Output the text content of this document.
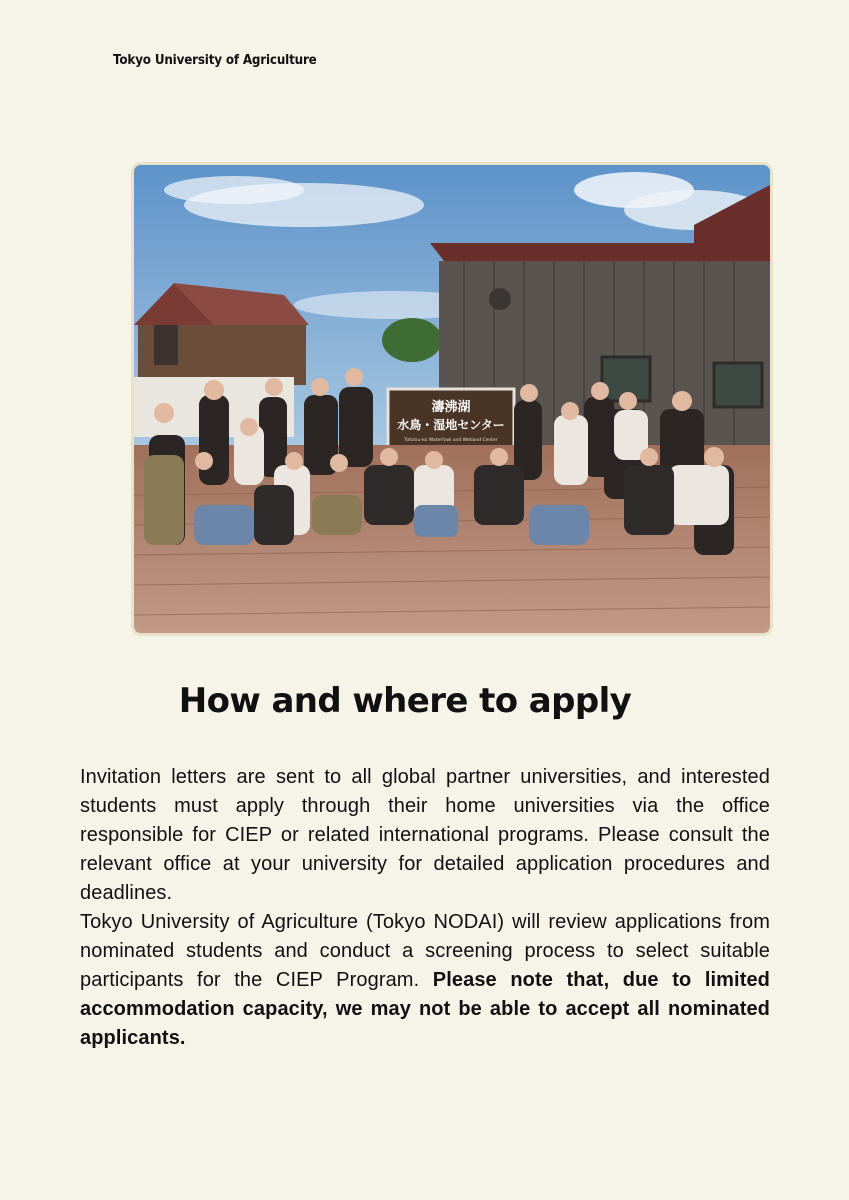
Tokyo University of Agriculture
濤沸湖
水鳥・湿地センター
Tofutsu-ko Waterfowl and Wetland Center
How and where to apply

Invitation letters are sent to all global partner universities, and interested students must apply through their home universities via the office responsible for CIEP or related international programs. Please consult the relevant office at your university for detailed application procedures and deadlines.

Tokyo University of Agriculture (Tokyo NODAI) will review applications from nominated students and conduct a screening process to select suitable participants for the CIEP Program. Please note that, due to limited accommodation capacity, we may not be able to accept all nominated applicants.
